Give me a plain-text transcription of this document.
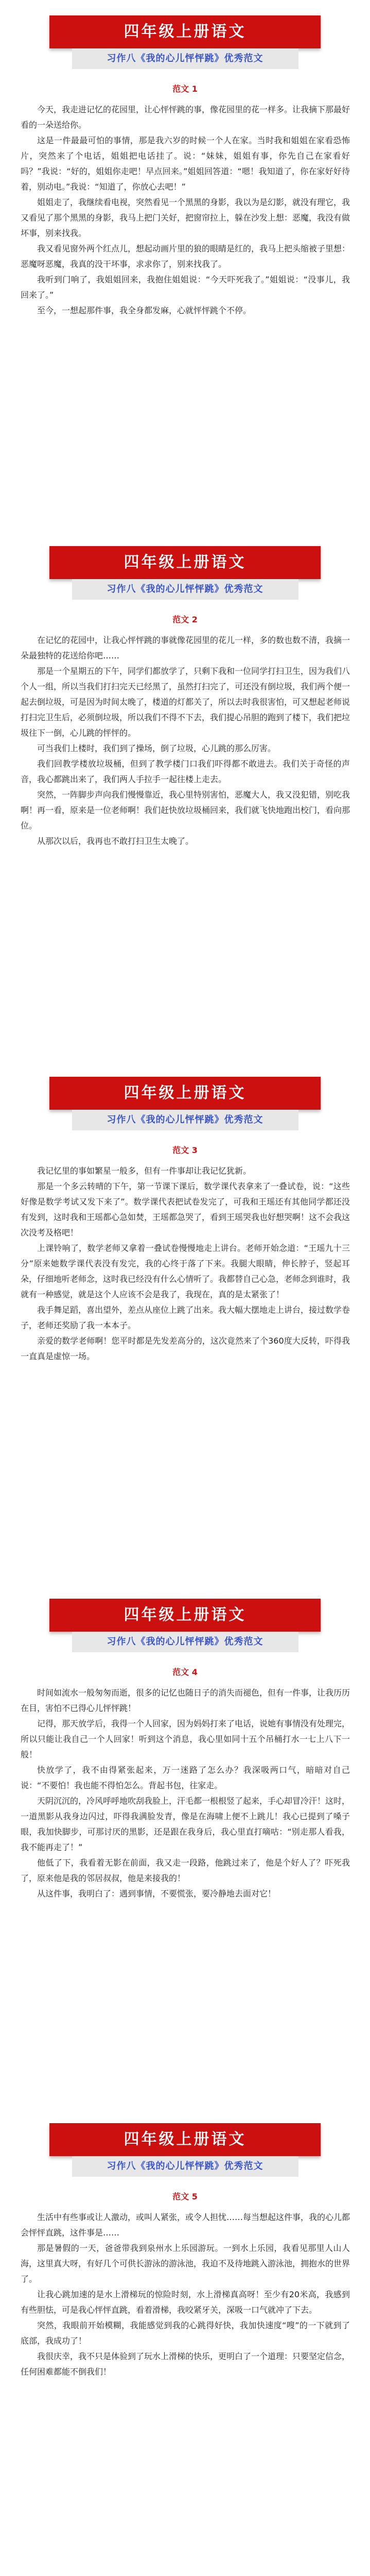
四年级上册语文
习作八《我的心儿怦怦跳》优秀范文
范文 1

今天，我走进记忆的花园里，让心怦怦跳的事，像花园里的花一样多。让我摘下那最好看的一朵送给你。

这是一件最最可怕的事情，那是我六岁的时候一个人在家。当时我和姐姐在家看恐怖片，突然来了个电话，姐姐把电话挂了。说：“妹妹，姐姐有事，你先自己在家看好吗？”我说：“好的，姐姐你走吧！早点回来。”姐姐回答道：“嗯！我知道了，你在家好好待着，别动电。”我说：“知道了，你放心去吧！”

姐姐走了，我继续看电视，突然看见一个黑黑的身影，我以为是幻影，就没有理它，我又看见了那个黑黑的身影，我马上把门关好，把窗帘拉上，躲在沙发上想：恶魔，我没有做坏事，别来找我。

我又看见窗外两个红点儿，想起动画片里的狼的眼睛是红的，我马上把头缩被子里想：恶魔呀恶魔，我真的没干坏事，求求你了，别来找我了。

我听到门响了，我姐姐回来，我抱住姐姐说：“今天吓死我了。”姐姐说：“没事儿，我回来了。”

至今，一想起那件事，我全身都发麻，心就怦怦跳个不停。

四年级上册语文
习作八《我的心儿怦怦跳》优秀范文
范文 2

在记忆的花园中，让我心怦怦跳的事就像花园里的花儿一样，多的数也数不清，我摘一朵最独特的花送给你吧……

那是一个星期五的下午，同学们都放学了，只剩下我和一位同学打扫卫生，因为我们八个人一组，所以当我们打扫完天已经黑了，虽然打扫完了，可还没有倒垃圾，我们两个便一起去倒垃圾，可是因为时间太晚了，楼道的灯都关了，所以去时我很害怕，可又想起老师说打扫完卫生后，必须倒垃圾，所以我们不得不下去，我们提心吊胆的跑到了楼下，我们把垃圾往下一倒，心儿跳的怦怦的。

可当我们上楼时，我们到了操场，倒了垃圾，心儿跳的那么厉害。

我们回教学楼放垃圾桶，但到了教学楼门口我们吓得都不敢进去。我们关于奇怪的声音，我心都跳出来了，我们两人手拉手一起往楼上走去。

突然，一阵脚步声向我们慢慢靠近，我心里特别害怕，恶魔大人，我又没犯错，别吃我啊！再一看，原来是一位老师啊！我们赶快放垃圾桶回来，我们就飞快地跑出校门，看向那位。

从那次以后，我再也不敢打扫卫生太晚了。

四年级上册语文
习作八《我的心儿怦怦跳》优秀范文
范文 3

我记忆里的事如繁星一般多，但有一件事却让我记忆犹新。

那是一个多云转晴的下午，第一节课下课后，数学课代表拿来了一叠试卷，说：“这些好像是数学考试又发下来了”。数学课代表把试卷发完了，可我和王瑶还有其他同学都还没有发到，这时我和王瑶都心急如焚，王瑶都急哭了，看到王瑶哭我也好想哭啊！这不会我这次没考及格吧！

上课铃响了，数学老师又拿着一叠试卷慢慢地走上讲台。老师开始念道：“王瑶九十三分”原来她数学课代表没有发完，我的心终于落了下来。我腿大眼睛，伸长脖子，竖起耳朵，仔细地听老师念，这时我已经没有什么心情听了。我都替自己心急，老师念到谁时，我就有一种感觉，就是这个人应该不会是我了，我现在，真的是太紧张了！

我手舞足蹈，喜出望外，差点从座位上跳了出来。我大幅大摆地走上讲台，接过数学卷子，老师还奖励了我一本本子。

亲爱的数学老师啊！您平时都是先发差高分的，这次竟然来了个360度大反转，吓得我一直真是虚惊一场。

四年级上册语文
习作八《我的心儿怦怦跳》优秀范文
范文 4

时间如流水一般匆匆而逝，很多的记忆也随日子的消失而褪色，但有一件事，让我历历在目，害怕不已得心儿怦怦跳！

记得，那天放学后，我得一个人回家，因为妈妈打来了电话，说她有事情没有处理完，所以只能让我自己一个人回家！听到这个消息，我心里如同十五个吊桶打水一七上八下一般！

快放学了，我不由得紧张起来，万一迷路了怎么办？我深吸两口气，暗暗对自己说：“不要怕！我也能不得怕怎么。背起书包，往家走。

天阴沉沉的，冷风呼呼地吹刮我脸上，汗毛都一根根竖了起来，手心却冒冷汗！这时，一道黑影从我身边闪过，吓得我满脸发青，像是在海啸上便不上跳儿！我心已提到了嗓子眼，我加快脚步，可那讨厌的黑影，还是跟在我身后，我心里直打嘀咕：“别走那人看我，我不能再走了！”

他低了下，我看着无影在前面，我又走一段路，他跳过来了，他是个好人了？吓死我了，原来他是我的邻居叔叔，他是来接我的！

从这件事，我明白了：遇到事情，不要慌张，要冷静地去面对它！

四年级上册语文
习作八《我的心儿怦怦跳》优秀范文
范文 5

生活中有些事或让人激动，或叫人紧张，或令人担忧……每当想起这件事，我的心儿都会怦怦直跳，这件事是……

那是暑假的一天，爸爸带我到泉州水上乐园游玩。一到水上乐园，我看见那里人山人海，这里真大呀，有好几个可供长游泳的游泳池，我迫不及待地跳入游泳池，拥抱水的世界了。

让我心跳加速的是水上滑梯玩的惊险时刻，水上滑梯真高呀！至少有20米高，我感到有些胆怯，可是我心怦怦直跳，看着滑梯，我咬紧牙关，深吸一口气就冲了下去。

突然，我眼前开始模糊，我能感觉到我的心跳得好快，我加快速度“嗖”的一下就到了底部，我成功了！

我很庆幸，我不只是体验到了玩水上滑梯的快乐，更明白了一个道理：只要坚定信念，任何困难都能不倒我们！
